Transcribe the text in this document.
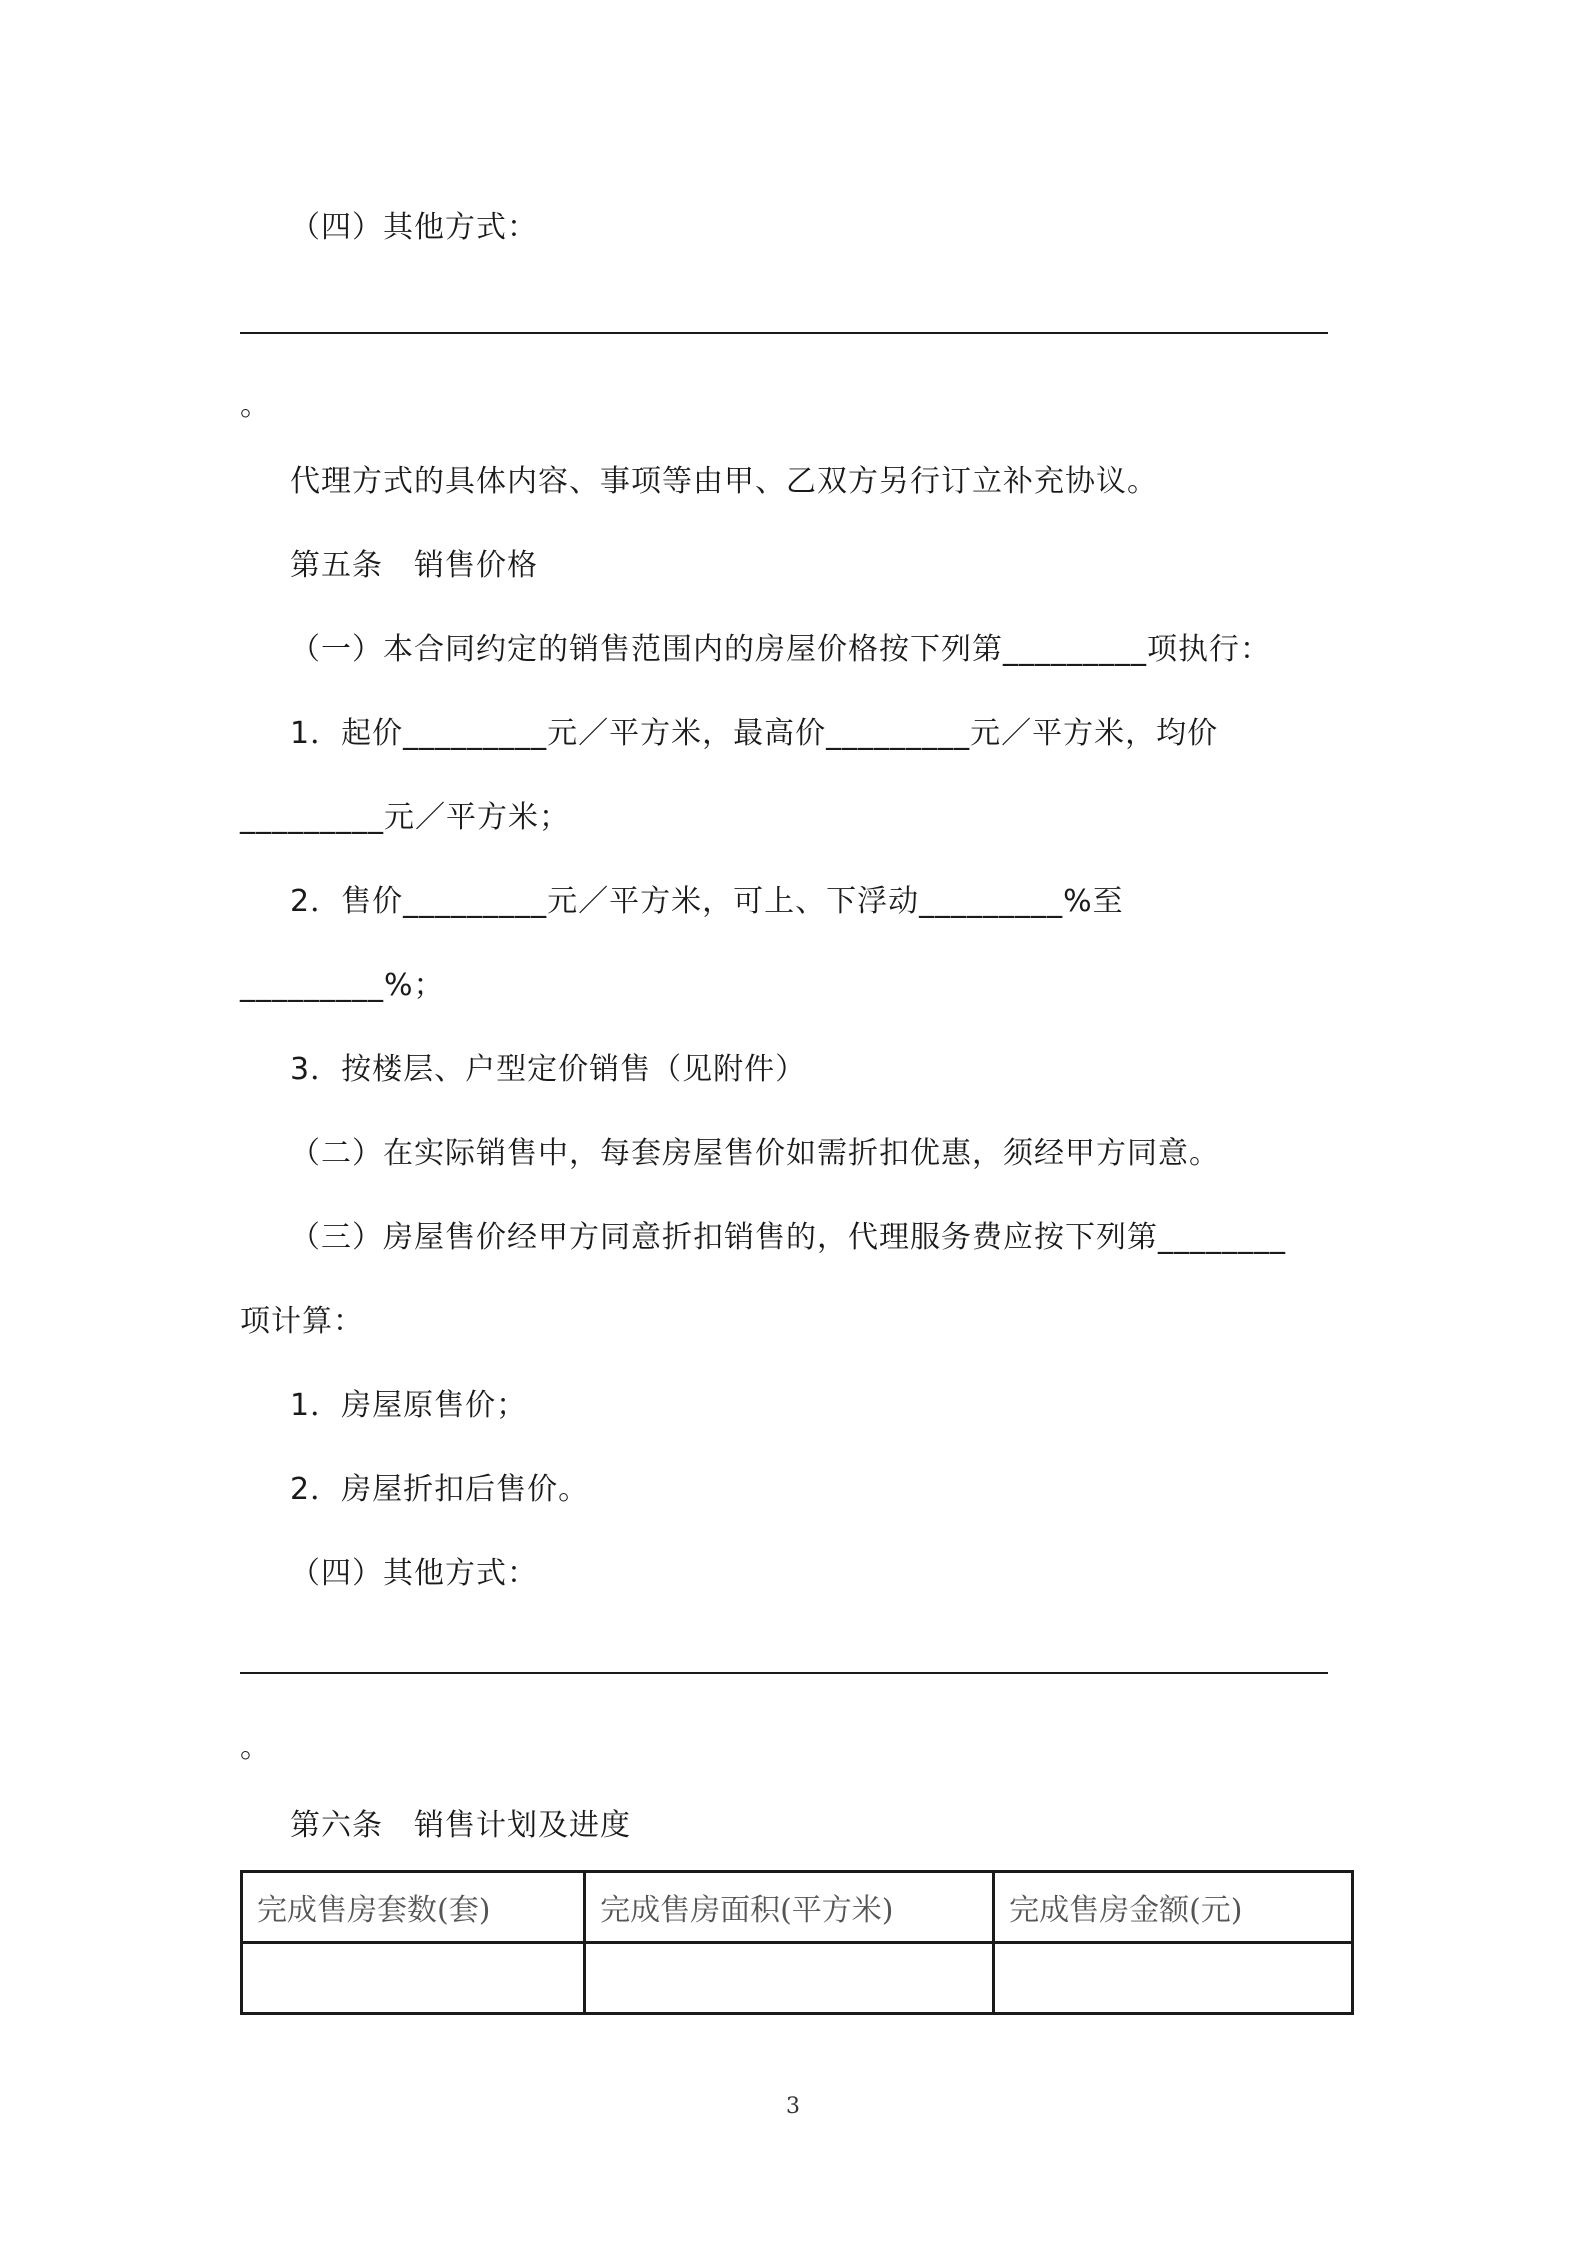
（四）其他方式：
。
代理方式的具体内容、事项等由甲、乙双方另行订立补充协议。
第五条　销售价格
（一）本合同约定的销售范围内的房屋价格按下列第_________项执行：
1．起价_________元／平方米，最高价_________元／平方米，均价
_________元／平方米；
2．售价_________元／平方米，可上、下浮动_________%至
_________%；
3．按楼层、户型定价销售（见附件）
（二）在实际销售中，每套房屋售价如需折扣优惠，须经甲方同意。
（三）房屋售价经甲方同意折扣销售的，代理服务费应按下列第________
项计算：
1．房屋原售价；
2．房屋折扣后售价。
（四）其他方式：
。
第六条　销售计划及进度
完成售房套数(套)	完成售房面积(平方米)	完成售房金额(元)

3
